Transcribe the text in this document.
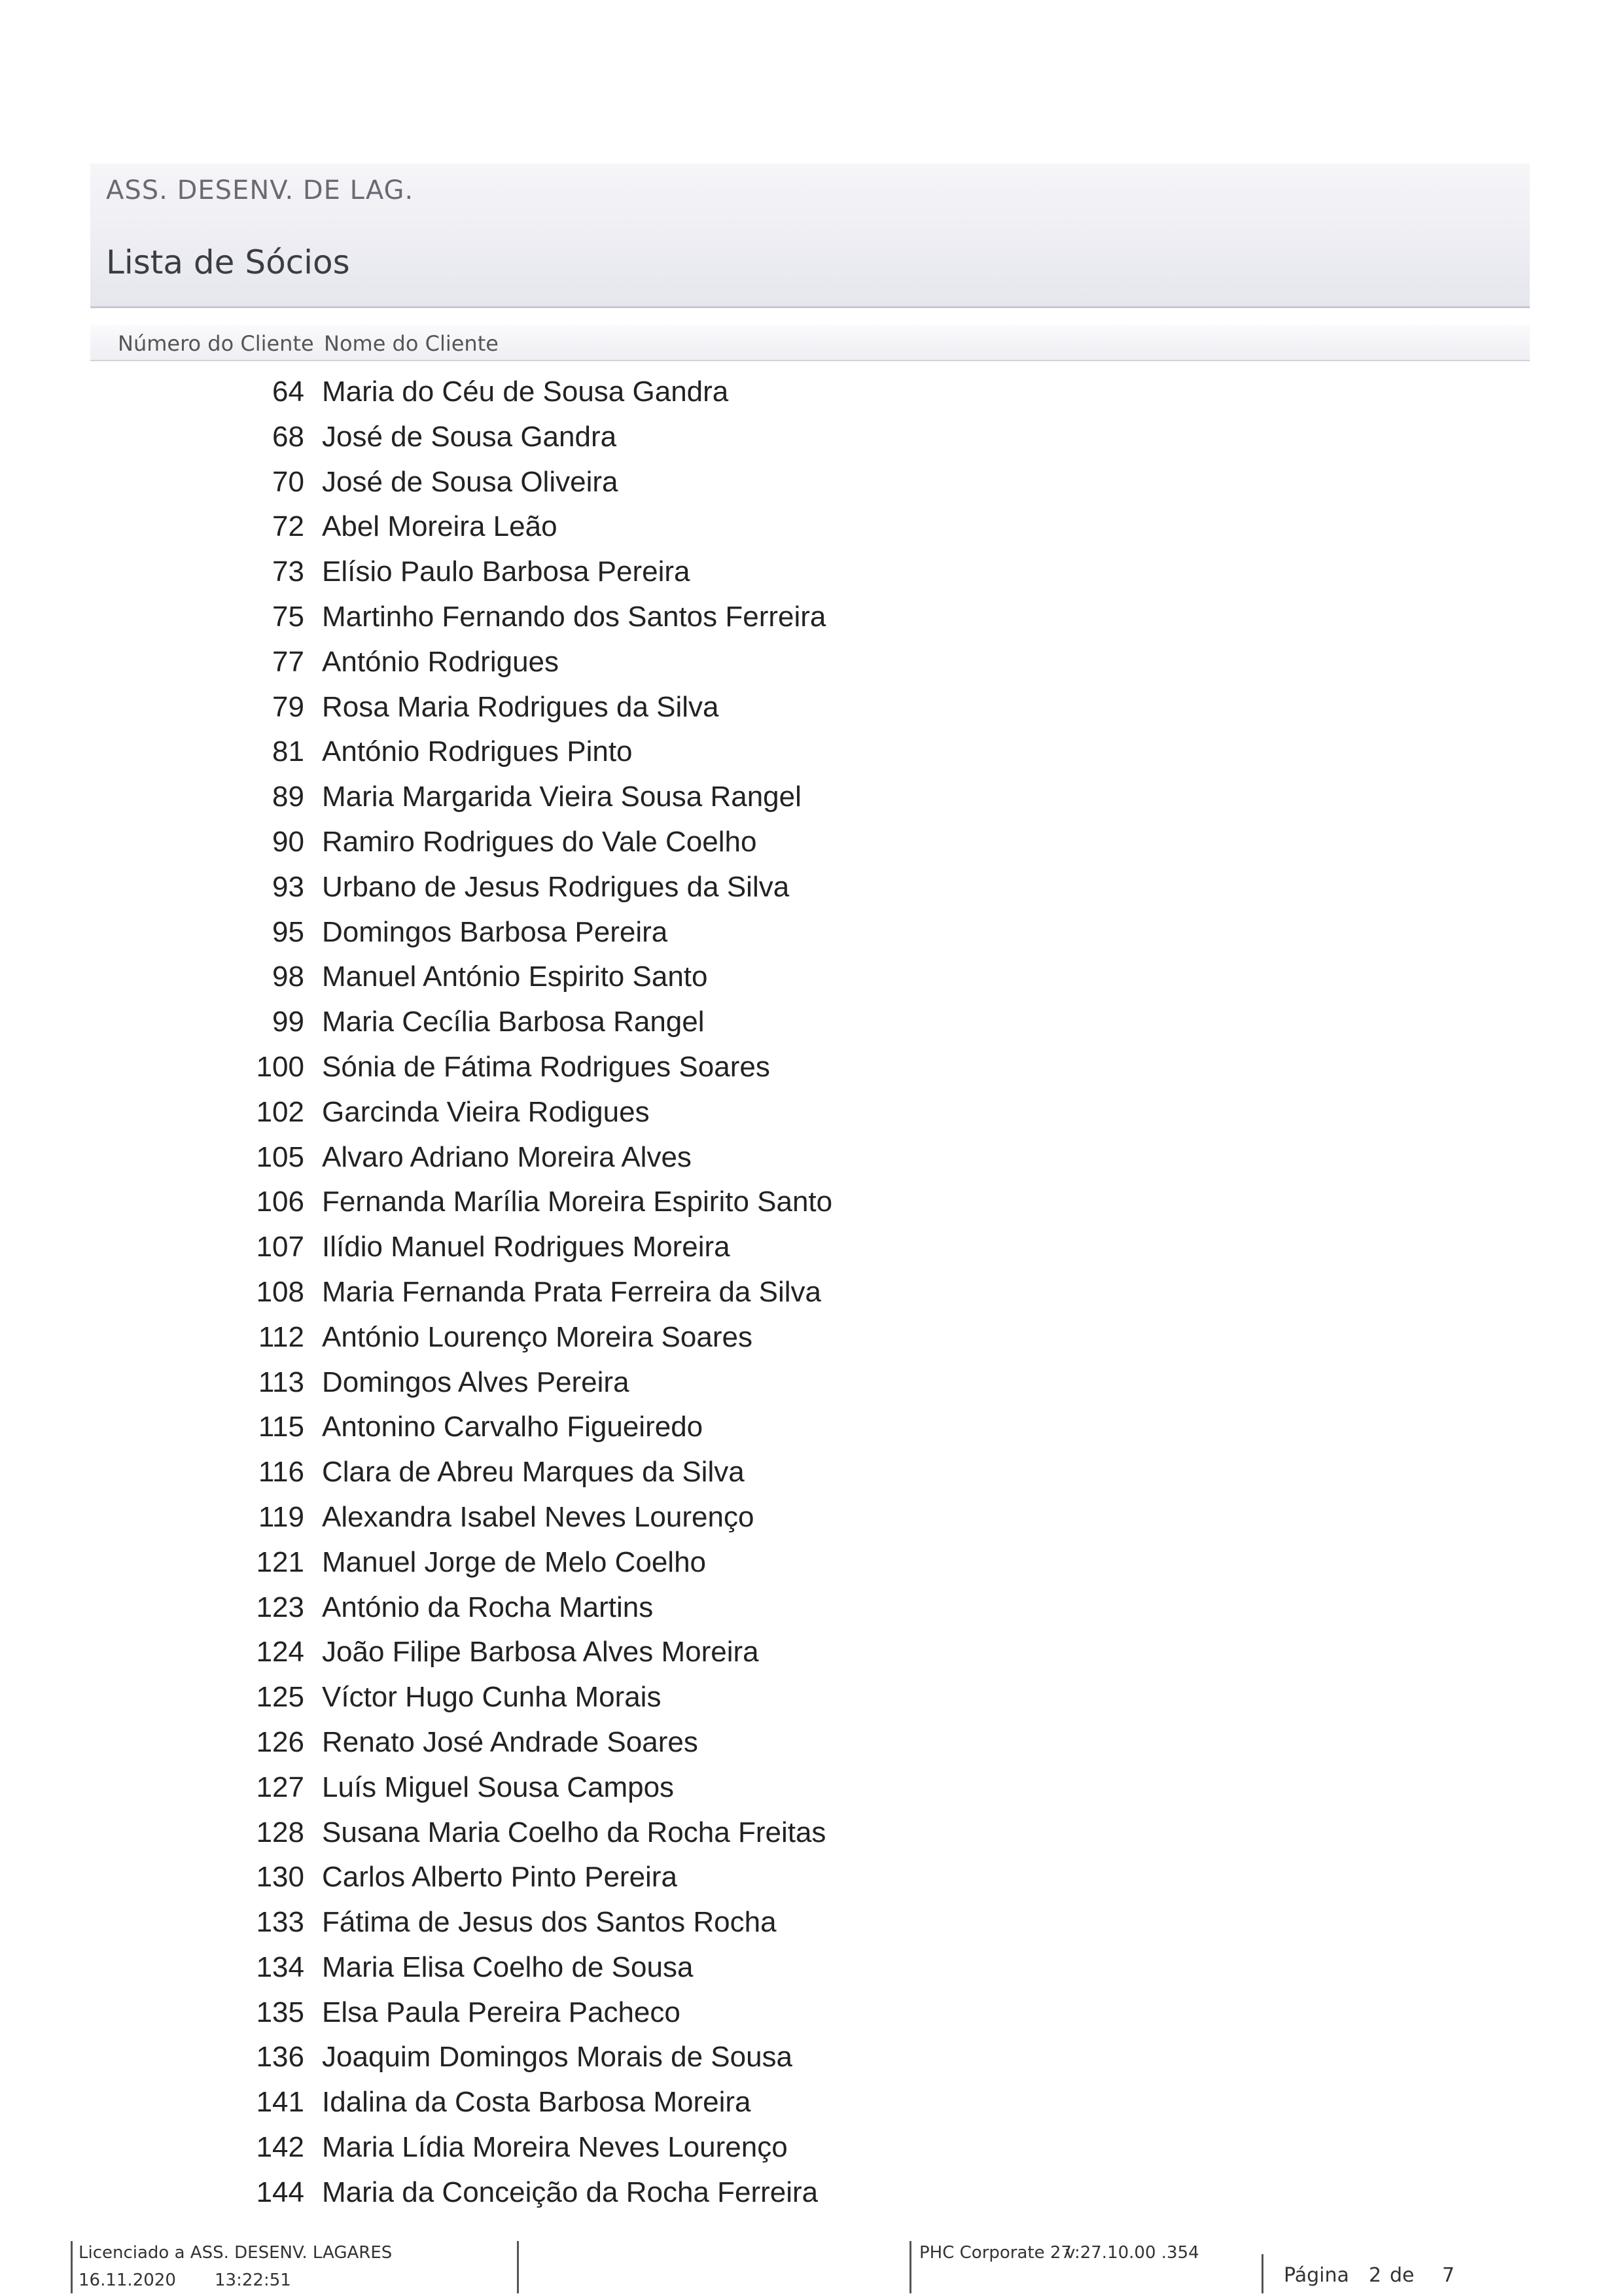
ASS. DESENV. DE LAG.
Lista de Sócios
Número do Cliente Nome do Cliente
64 Maria do Céu de Sousa Gandra
68 José de Sousa Gandra
70 José de Sousa Oliveira
72 Abel Moreira Leão
73 Elísio Paulo Barbosa Pereira
75 Martinho Fernando dos Santos Ferreira
77 António Rodrigues
79 Rosa Maria Rodrigues da Silva
81 António Rodrigues Pinto
89 Maria Margarida Vieira Sousa Rangel
90 Ramiro Rodrigues do Vale Coelho
93 Urbano de Jesus Rodrigues da Silva
95 Domingos Barbosa Pereira
98 Manuel António Espirito Santo
99 Maria Cecília Barbosa Rangel
100 Sónia de Fátima Rodrigues Soares
102 Garcinda Vieira Rodigues
105 Alvaro Adriano Moreira Alves
106 Fernanda Marília Moreira Espirito Santo
107 Ilídio Manuel Rodrigues Moreira
108 Maria Fernanda Prata Ferreira da Silva
112 António Lourenço Moreira Soares
113 Domingos Alves Pereira
115 Antonino Carvalho Figueiredo
116 Clara de Abreu Marques da Silva
119 Alexandra Isabel Neves Lourenço
121 Manuel Jorge de Melo Coelho
123 António da Rocha Martins
124 João Filipe Barbosa Alves Moreira
125 Víctor Hugo Cunha Morais
126 Renato José Andrade Soares
127 Luís Miguel Sousa Campos
128 Susana Maria Coelho da Rocha Freitas
130 Carlos Alberto Pinto Pereira
133 Fátima de Jesus dos Santos Rocha
134 Maria Elisa Coelho de Sousa
135 Elsa Paula Pereira Pacheco
136 Joaquim Domingos Morais de Sousa
141 Idalina da Costa Barbosa Moreira
142 Maria Lídia Moreira Neves Lourenço
144 Maria da Conceição da Rocha Ferreira
Licenciado a ASS. DESENV. LAGARES
16.11.2020 13:22:51
PHC Corporate 27
v:27.10.00 .354
Página 2 de 7
